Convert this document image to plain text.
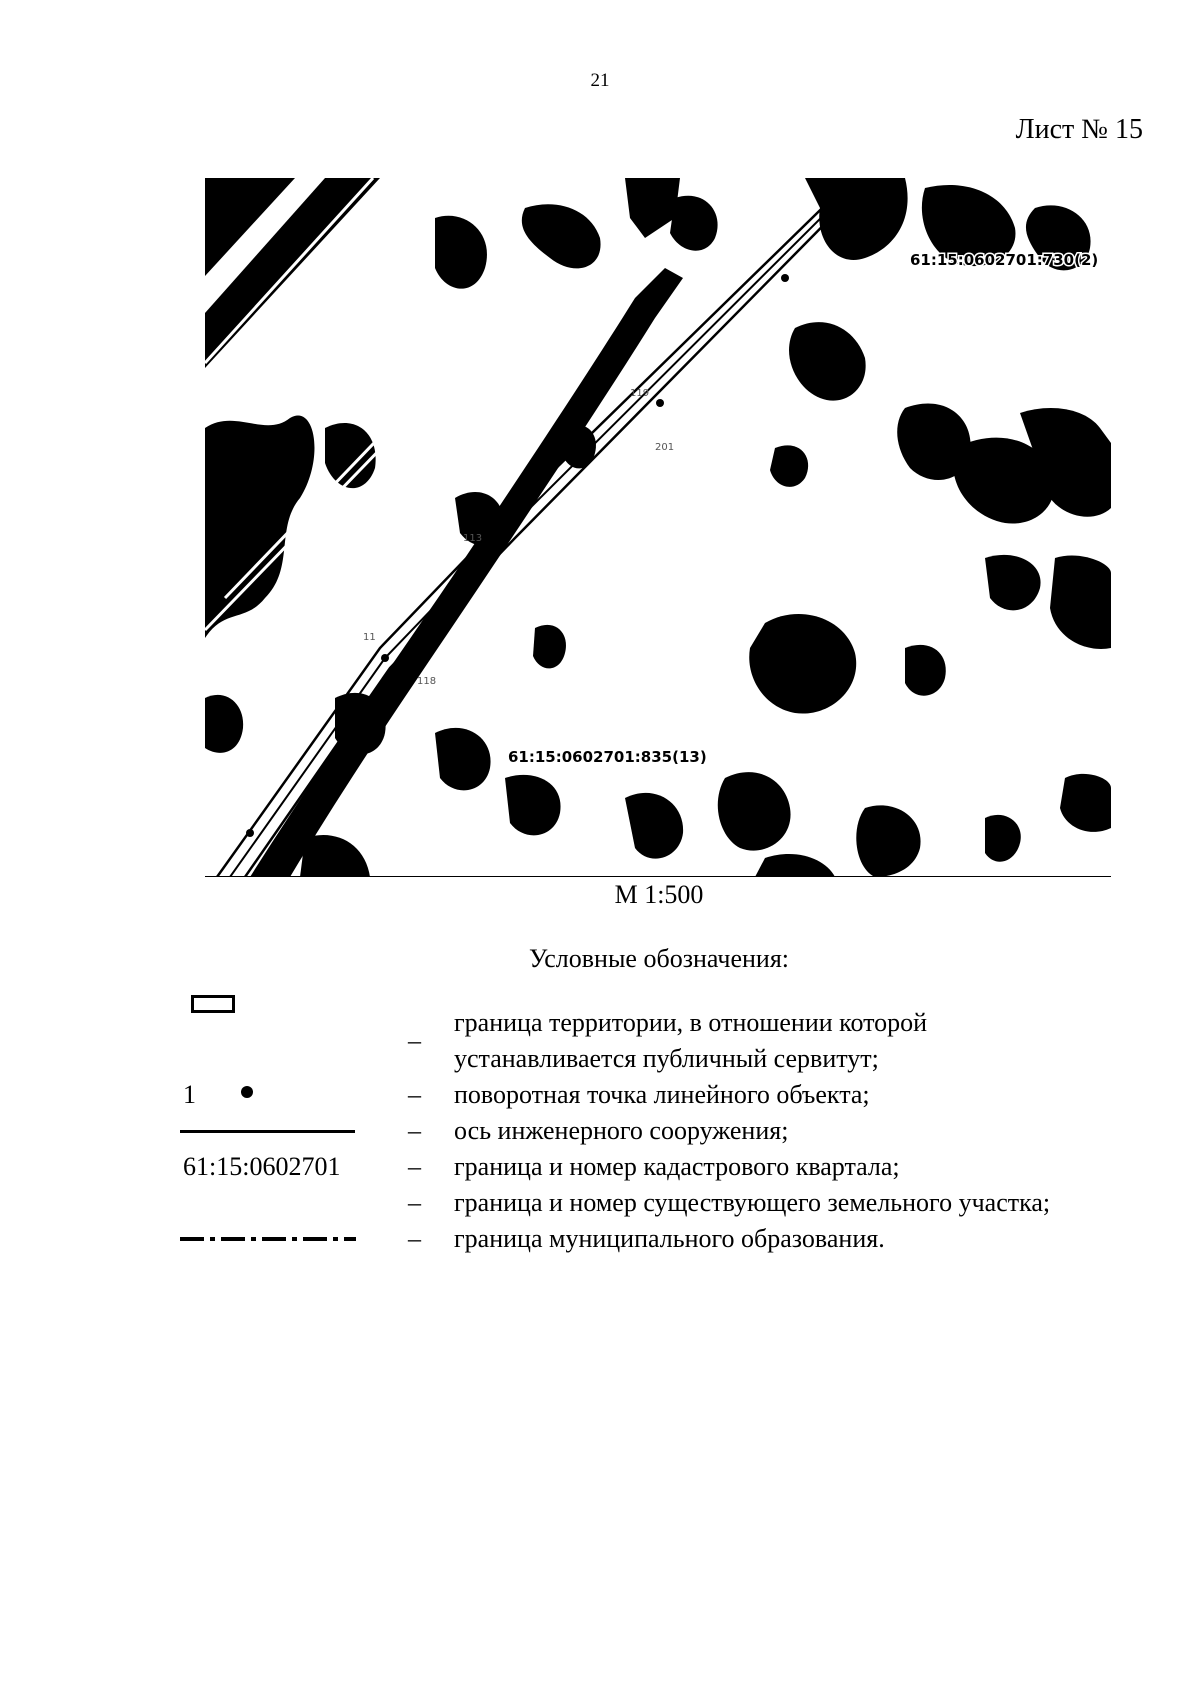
21
Лист № 15
119
201
113
11
118
61:15:0602701:730(2)
61:15:0602701:835(13)
М 1:500
Условные обозначения:
–
граница территории, в отношении которой
устанавливается публичный сервитут;
1	– поворотная точка линейного объекта;
– ось инженерного сооружения;
61:15:0602701	– граница и номер кадастрового квартала;
– граница и номер существующего земельного участка;
– граница муниципального образования.
